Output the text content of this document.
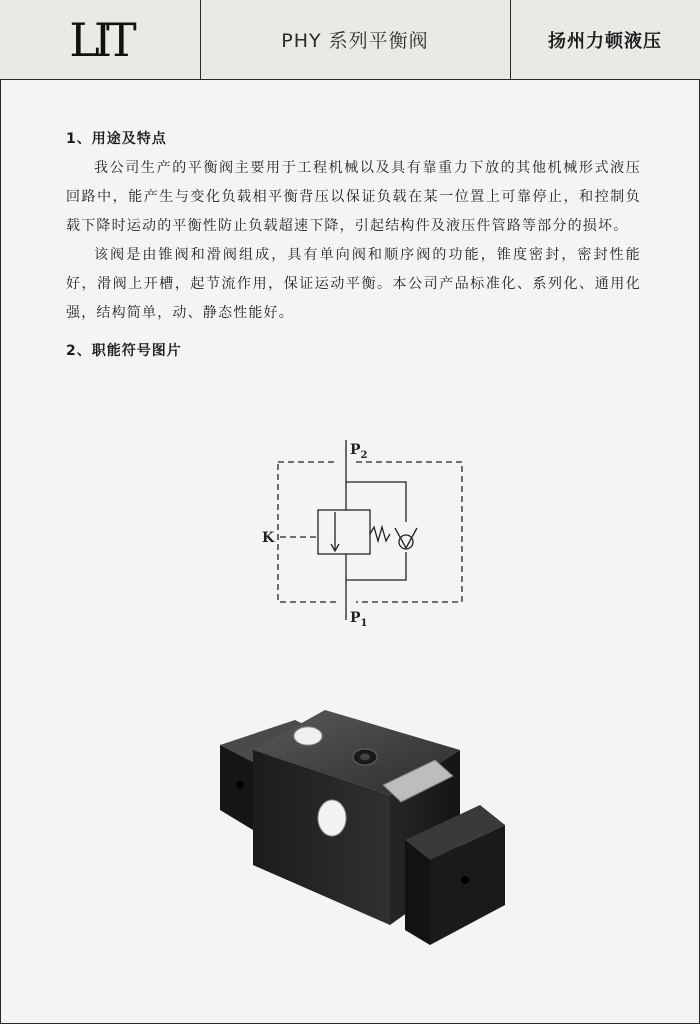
LIT	PHY 系列平衡阀	扬州力顿液压

1、用途及特点

我公司生产的平衡阀主要用于工程机械以及具有靠重力下放的其他机械形式液压回路中，能产生与变化负载相平衡背压以保证负载在某一位置上可靠停止，和控制负载下降时运动的平衡性防止负载超速下降，引起结构件及液压件管路等部分的损坏。

该阀是由锥阀和滑阀组成，具有单向阀和顺序阀的功能，锥度密封，密封性能好，滑阀上开槽，起节流作用，保证运动平衡。本公司产品标准化、系列化、通用化强，结构简单，动、静态性能好。

2、职能符号图片

$P_2$
$P_1$
K
